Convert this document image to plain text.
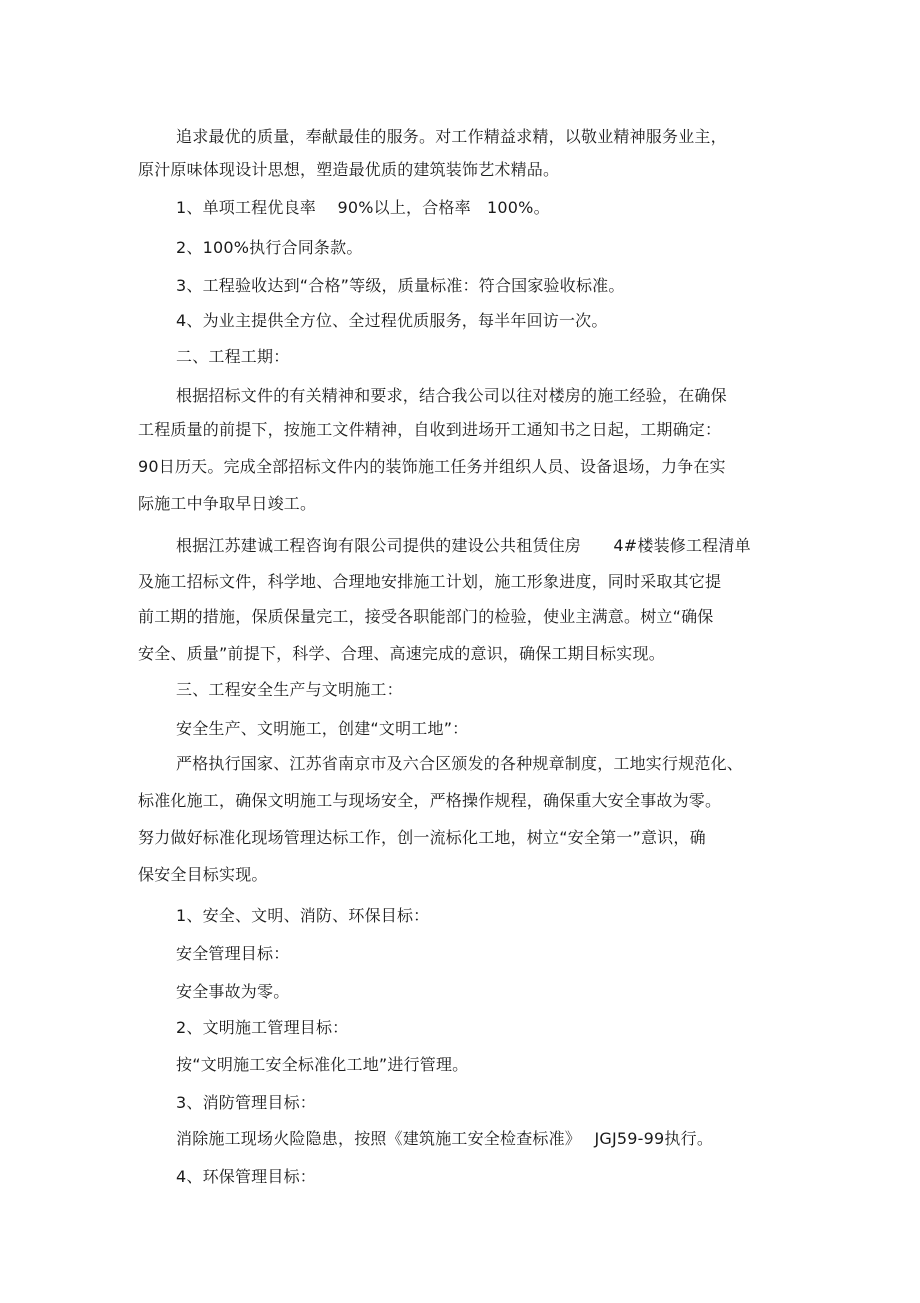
追求最优的质量，奉献最佳的服务。对工作精益求精，以敬业精神服务业主，
原汁原味体现设计思想，塑造最优质的建筑装饰艺术精品。
1、单项工程优良率　 90%以上，合格率　100%。
2、100%执行合同条款。
3、工程验收达到“合格”等级，质量标准：符合国家验收标准。
4、为业主提供全方位、全过程优质服务，每半年回访一次。
二、工程工期：
根据招标文件的有关精神和要求，结合我公司以往对楼房的施工经验，在确保
工程质量的前提下，按施工文件精神，自收到进场开工通知书之日起，工期确定：
90日历天。完成全部招标文件内的装饰施工任务并组织人员、设备退场，力争在实
际施工中争取早日竣工。
根据江苏建诚工程咨询有限公司提供的建设公共租赁住房　　4#楼装修工程清单
及施工招标文件，科学地、合理地安排施工计划，施工形象进度，同时采取其它提
前工期的措施，保质保量完工，接受各职能部门的检验，使业主满意。树立“确保
安全、质量”前提下，科学、合理、高速完成的意识，确保工期目标实现。
三、工程安全生产与文明施工：
安全生产、文明施工，创建“文明工地”：
严格执行国家、江苏省南京市及六合区颁发的各种规章制度，工地实行规范化、
标准化施工，确保文明施工与现场安全，严格操作规程，确保重大安全事故为零。
努力做好标准化现场管理达标工作，创一流标化工地，树立“安全第一”意识，确
保安全目标实现。
1、安全、文明、消防、环保目标：
安全管理目标：
安全事故为零。
2、文明施工管理目标：
按“文明施工安全标准化工地”进行管理。
3、消防管理目标：
消除施工现场火险隐患，按照《建筑施工安全检查标准》　 JGJ59-99执行。
4、环保管理目标：
